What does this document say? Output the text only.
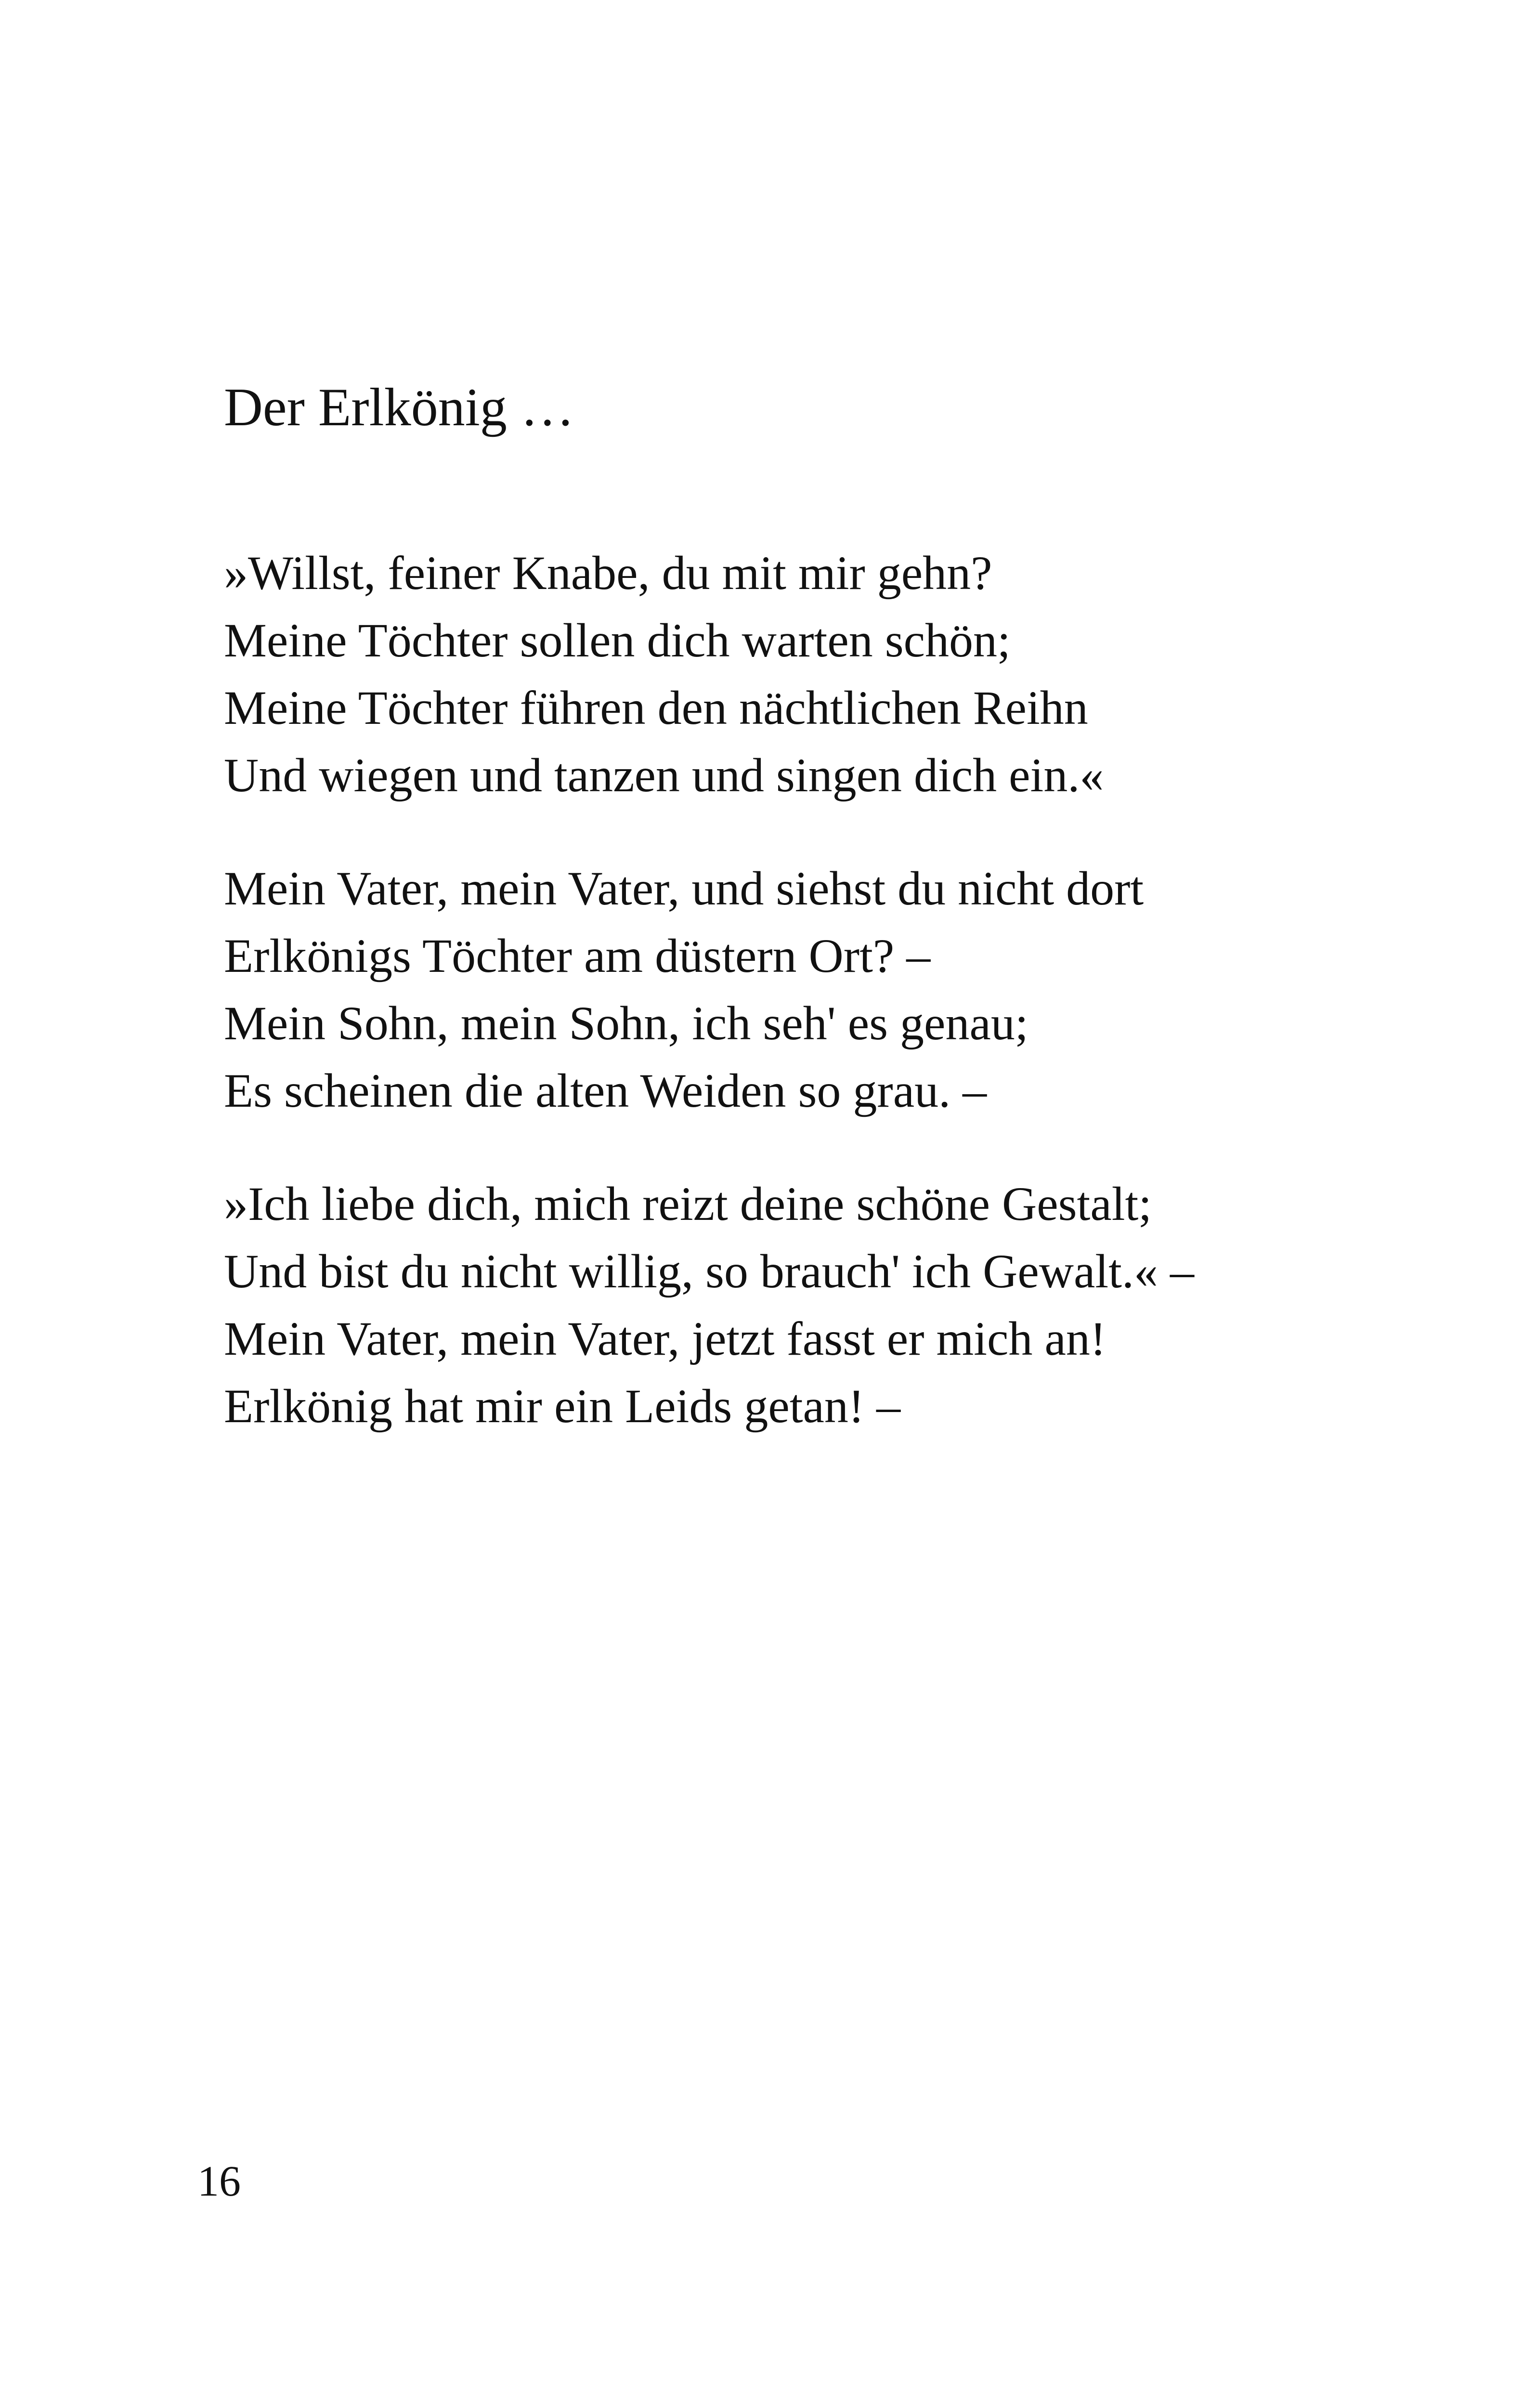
Der Erlkönig …
»Willst, feiner Knabe, du mit mir gehn?
Meine Töchter sollen dich warten schön;
Meine Töchter führen den nächtlichen Reihn
Und wiegen und tanzen und singen dich ein.«
Mein Vater, mein Vater, und siehst du nicht dort
Erlkönigs Töchter am düstern Ort? –
Mein Sohn, mein Sohn, ich seh' es genau;
Es scheinen die alten Weiden so grau. –
»Ich liebe dich, mich reizt deine schöne Gestalt;
Und bist du nicht willig, so brauch' ich Gewalt.« –
Mein Vater, mein Vater, jetzt fasst er mich an!
Erlkönig hat mir ein Leids getan! –
16
